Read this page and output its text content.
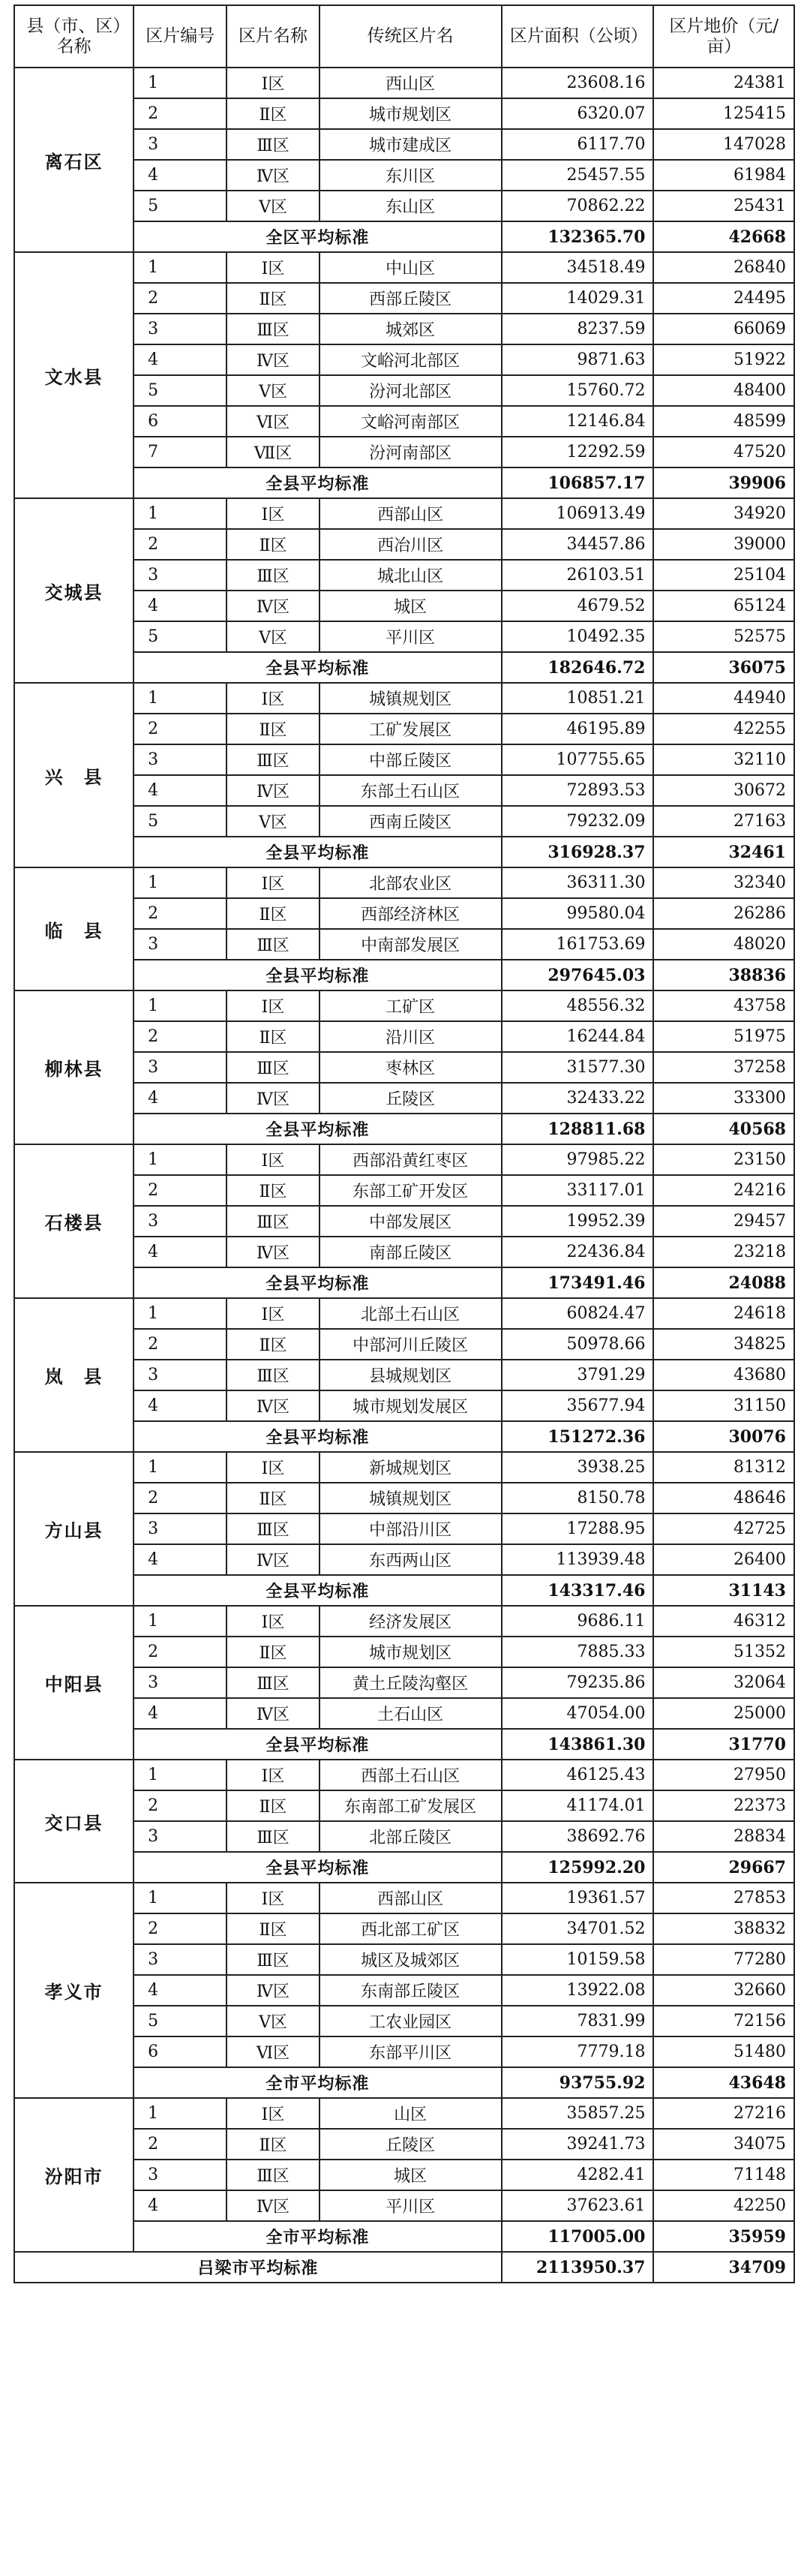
县（市、区）名称	区片编号	区片名称	传统区片名	区片面积（公顷）	区片地价（元/亩）
离石区	1	Ⅰ区	西山区	23608.16	24381
	2	Ⅱ区	城市规划区	6320.07	125415
	3	Ⅲ区	城市建成区	6117.70	147028
	4	Ⅳ区	东川区	25457.55	61984
	5	Ⅴ区	东山区	70862.22	25431
	全区平均标准			132365.70	42668
文水县	1	Ⅰ区	中山区	34518.49	26840
	2	Ⅱ区	西部丘陵区	14029.31	24495
	3	Ⅲ区	城郊区	8237.59	66069
	4	Ⅳ区	文峪河北部区	9871.63	51922
	5	Ⅴ区	汾河北部区	15760.72	48400
	6	Ⅵ区	文峪河南部区	12146.84	48599
	7	Ⅶ区	汾河南部区	12292.59	47520
	全县平均标准			106857.17	39906
交城县	1	Ⅰ区	西部山区	106913.49	34920
	2	Ⅱ区	西冶川区	34457.86	39000
	3	Ⅲ区	城北山区	26103.51	25104
	4	Ⅳ区	城区	4679.52	65124
	5	Ⅴ区	平川区	10492.35	52575
	全县平均标准			182646.72	36075
兴　县	1	Ⅰ区	城镇规划区	10851.21	44940
	2	Ⅱ区	工矿发展区	46195.89	42255
	3	Ⅲ区	中部丘陵区	107755.65	32110
	4	Ⅳ区	东部土石山区	72893.53	30672
	5	Ⅴ区	西南丘陵区	79232.09	27163
	全县平均标准			316928.37	32461
临　县	1	Ⅰ区	北部农业区	36311.30	32340
	2	Ⅱ区	西部经济林区	99580.04	26286
	3	Ⅲ区	中南部发展区	161753.69	48020
	全县平均标准			297645.03	38836
柳林县	1	Ⅰ区	工矿区	48556.32	43758
	2	Ⅱ区	沿川区	16244.84	51975
	3	Ⅲ区	枣林区	31577.30	37258
	4	Ⅳ区	丘陵区	32433.22	33300
	全县平均标准			128811.68	40568
石楼县	1	Ⅰ区	西部沿黄红枣区	97985.22	23150
	2	Ⅱ区	东部工矿开发区	33117.01	24216
	3	Ⅲ区	中部发展区	19952.39	29457
	4	Ⅳ区	南部丘陵区	22436.84	23218
	全县平均标准			173491.46	24088
岚　县	1	Ⅰ区	北部土石山区	60824.47	24618
	2	Ⅱ区	中部河川丘陵区	50978.66	34825
	3	Ⅲ区	县城规划区	3791.29	43680
	4	Ⅳ区	城市规划发展区	35677.94	31150
	全县平均标准			151272.36	30076
方山县	1	Ⅰ区	新城规划区	3938.25	81312
	2	Ⅱ区	城镇规划区	8150.78	48646
	3	Ⅲ区	中部沿川区	17288.95	42725
	4	Ⅳ区	东西两山区	113939.48	26400
	全县平均标准			143317.46	31143
中阳县	1	Ⅰ区	经济发展区	9686.11	46312
	2	Ⅱ区	城市规划区	7885.33	51352
	3	Ⅲ区	黄土丘陵沟壑区	79235.86	32064
	4	Ⅳ区	土石山区	47054.00	25000
	全县平均标准			143861.30	31770
交口县	1	Ⅰ区	西部土石山区	46125.43	27950
	2	Ⅱ区	东南部工矿发展区	41174.01	22373
	3	Ⅲ区	北部丘陵区	38692.76	28834
	全县平均标准			125992.20	29667
孝义市	1	Ⅰ区	西部山区	19361.57	27853
	2	Ⅱ区	西北部工矿区	34701.52	38832
	3	Ⅲ区	城区及城郊区	10159.58	77280
	4	Ⅳ区	东南部丘陵区	13922.08	32660
	5	Ⅴ区	工农业园区	7831.99	72156
	6	Ⅵ区	东部平川区	7779.18	51480
	全市平均标准			93755.92	43648
汾阳市	1	Ⅰ区	山区	35857.25	27216
	2	Ⅱ区	丘陵区	39241.73	34075
	3	Ⅲ区	城区	4282.41	71148
	4	Ⅳ区	平川区	37623.61	42250
	全市平均标准			117005.00	35959
吕梁市平均标准				2113950.37	34709
